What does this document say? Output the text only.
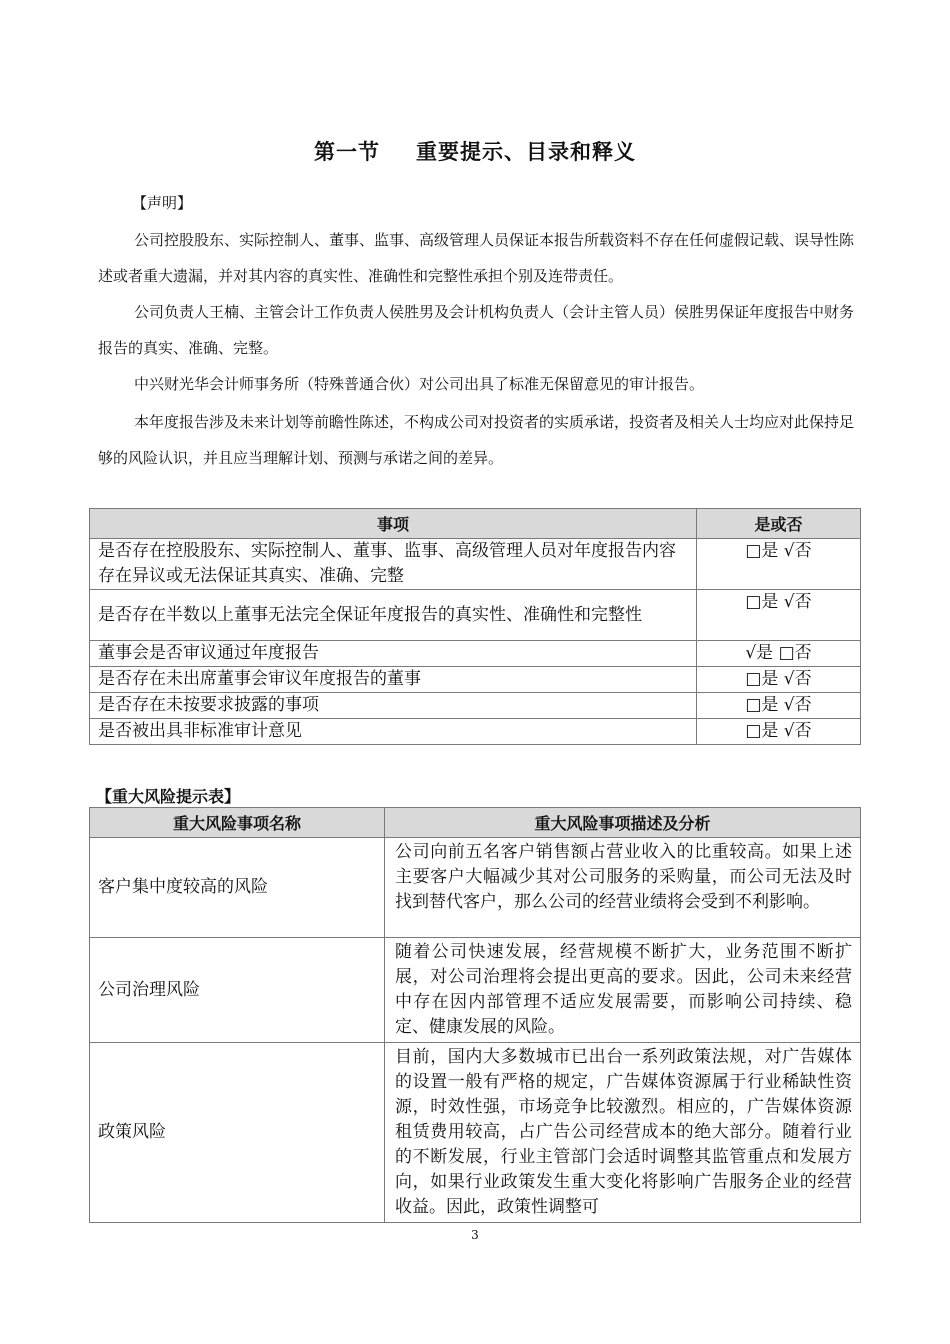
第一节 重要提示、目录和释义
【声明】

公司控股股东、实际控制人、董事、监事、高级管理人员保证本报告所载资料不存在任何虚假记载、误导性陈述或者重大遗漏，并对其内容的真实性、准确性和完整性承担个别及连带责任。

公司负责人王楠、主管会计工作负责人侯胜男及会计机构负责人（会计主管人员）侯胜男保证年度报告中财务报告的真实、准确、完整。

中兴财光华会计师事务所（特殊普通合伙）对公司出具了标准无保留意见的审计报告。

本年度报告涉及未来计划等前瞻性陈述，不构成公司对投资者的实质承诺，投资者及相关人士均应对此保持足够的风险认识，并且应当理解计划、预测与承诺之间的差异。

事项	是或否
是否存在控股股东、实际控制人、董事、监事、高级管理人员对年度报告内容存在异议或无法保证其真实、准确、完整	□是 √否
是否存在半数以上董事无法完全保证年度报告的真实性、准确性和完整性	□是 √否
董事会是否审议通过年度报告	√是 □否
是否存在未出席董事会审议年度报告的董事	□是 √否
是否存在未按要求披露的事项	□是 √否
是否被出具非标准审计意见	□是 √否
【重大风险提示表】
重大风险事项名称	重大风险事项描述及分析
客户集中度较高的风险	公司向前五名客户销售额占营业收入的比重较高。如果上述主要客户大幅减少其对公司服务的采购量，而公司无法及时找到替代客户，那么公司的经营业绩将会受到不利影响。
公司治理风险	随着公司快速发展，经营规模不断扩大，业务范围不断扩展，对公司治理将会提出更高的要求。因此，公司未来经营中存在因内部管理不适应发展需要，而影响公司持续、稳定、健康发展的风险。
政策风险	目前，国内大多数城市已出台一系列政策法规，对广告媒体的设置一般有严格的规定，广告媒体资源属于行业稀缺性资源，时效性强，市场竞争比较激烈。相应的，广告媒体资源租赁费用较高，占广告公司经营成本的绝大部分。随着行业的不断发展，行业主管部门会适时调整其监管重点和发展方向，如果行业政策发生重大变化将影响广告服务企业的经营收益。因此，政策性调整可
3
